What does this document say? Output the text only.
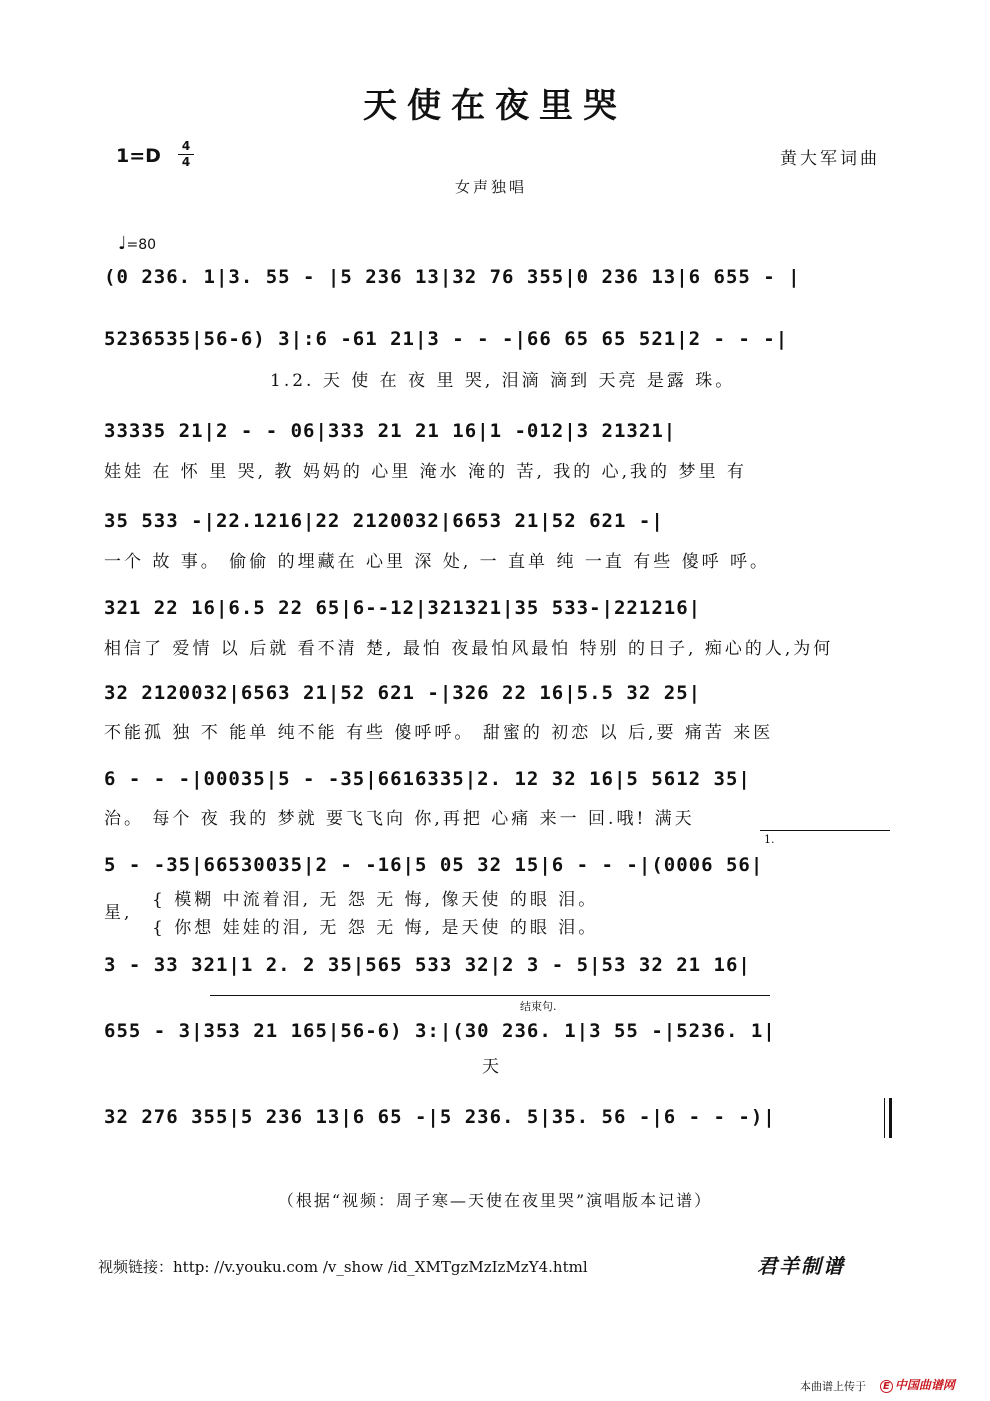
天使在夜里哭
1=D	4
4	黄大军词曲
女声独唱
♩=80
(0 236. 1|3. 55 - |5 236 13|32 76 355|0 236 13|6 655 - |
5236535|56-6) 3|:6 -61 21|3 - - -|66 65 65 521|2 - - -|
1.2. 天 使 在 夜 里 哭, 泪滴 滴到 天亮 是露 珠。
33335 21|2 - - 06|333 21 21 16|1 -012|3 21321|
娃娃 在 怀 里 哭, 教 妈妈的 心里 淹水 淹的 苦, 我的 心,我的 梦里 有
35 533 -|22.1216|22 2120032|6653 21|52 621 -|
一个 故 事。 偷偷 的埋藏在 心里 深 处, 一 直单 纯 一直 有些 傻呼 呼。
321 22 16|6.5 22 65|6--12|321321|35 533-|221216|
相信了 爱情 以 后就 看不清 楚, 最怕 夜最怕风最怕 特别 的日子, 痴心的人,为何
32 2120032|6563 21|52 621 -|326 22 16|5.5 32 25|
不能孤 独 不 能单 纯不能 有些 傻呼呼。 甜蜜的 初恋 以 后,要 痛苦 来医
6 - - -|00035|5 - -35|6616335|2. 12 32 16|5 5612 35|
治。 每个 夜 我的 梦就 要飞飞向 你,再把 心痛 来一 回.哦! 满天
1.
5 - -35|66530035|2 - -16|5 05 32 15|6 - - -|(0006 56|
星,
{ 模糊 中流着泪, 无 怨 无 悔, 像天使 的眼 泪。
{ 你想 娃娃的泪, 无 怨 无 悔, 是天使 的眼 泪。
3 - 33 321|1 2. 2 35|565 533 32|2 3 - 5|53 32 21 16|
结束句.
655 - 3|353 21 165|56-6) 3:|(30 236. 1|3 55 -|5236. 1|
天
32 276 355|5 236 13|6 65 -|5 236. 5|35. 56 -|6 - - -)|
（根据“视频：周子寒—天使在夜里哭”演唱版本记谱）
视频链接：http: //v.youku.com /v_show /id_XMTgzMzIzMzY4.html	君羊制谱
本曲谱上传于	E 中国曲谱网
